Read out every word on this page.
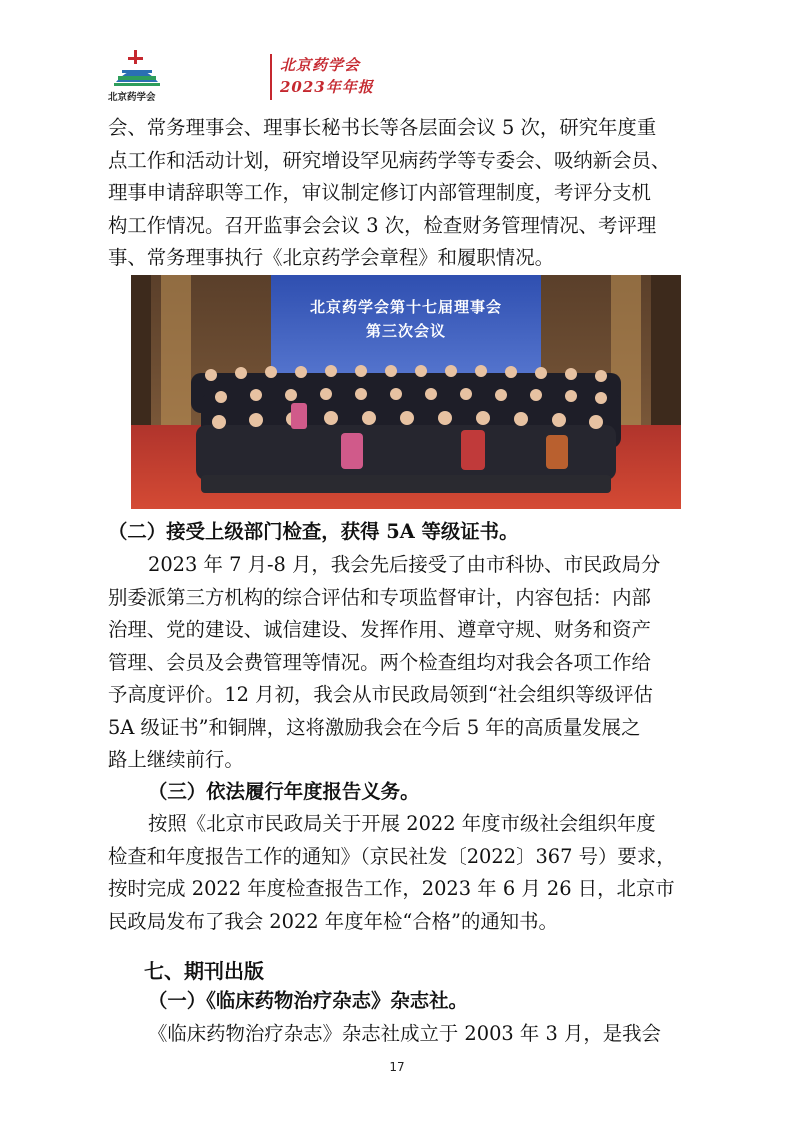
北京药学会
北京药学会
2023年年报
会、常务理事会、理事长秘书长等各层面会议 5 次，研究年度重
点工作和活动计划，研究增设罕见病药学等专委会、吸纳新会员、
理事申请辞职等工作，审议制定修订内部管理制度，考评分支机
构工作情况。召开监事会会议 3 次，检查财务管理情况、考评理
事、常务理事执行《北京药学会章程》和履职情况。
北京药学会第十七届理事会
第三次会议
（二）接受上级部门检查，获得 5A 等级证书。
2023 年 7 月-8 月，我会先后接受了由市科协、市民政局分
别委派第三方机构的综合评估和专项监督审计，内容包括：内部
治理、党的建设、诚信建设、发挥作用、遵章守规、财务和资产
管理、会员及会费管理等情况。两个检查组均对我会各项工作给
予高度评价。12 月初，我会从市民政局领到“社会组织等级评估
5A 级证书”和铜牌，这将激励我会在今后 5 年的高质量发展之
路上继续前行。
（三）依法履行年度报告义务。
按照《北京市民政局关于开展 2022 年度市级社会组织年度
检查和年度报告工作的通知》（京民社发〔2022〕367 号）要求，
按时完成 2022 年度检查报告工作，2023 年 6 月 26 日，北京市
民政局发布了我会 2022 年度年检“合格”的通知书。
七、期刊出版
（一）《临床药物治疗杂志》杂志社。
《临床药物治疗杂志》杂志社成立于 2003 年 3 月，是我会
17
